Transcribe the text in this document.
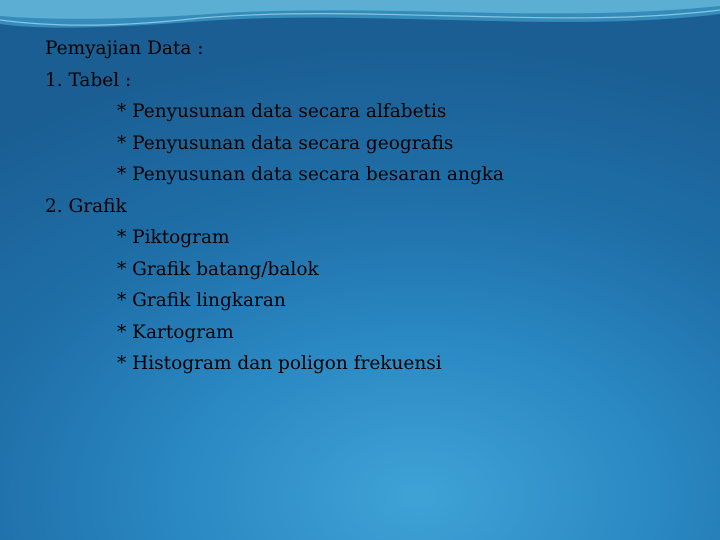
Pemyajian Data :
1. Tabel :
* Penyusunan data secara alfabetis
* Penyusunan data secara geografis
* Penyusunan data secara besaran angka
2. Grafik
* Piktogram
* Grafik batang/balok
* Grafik lingkaran
* Kartogram
* Histogram dan poligon frekuensi
